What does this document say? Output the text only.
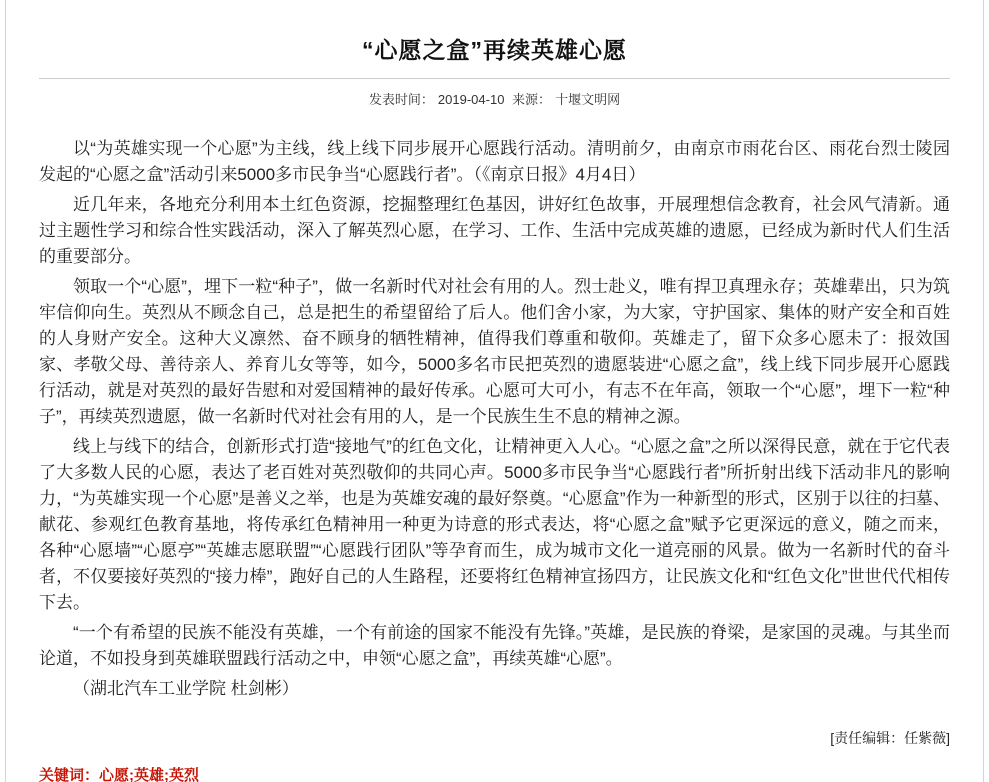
“心愿之盒”再续英雄心愿
发表时间： 2019-04-10 来源： 十堰文明网

以“为英雄实现一个心愿”为主线，线上线下同步展开心愿践行活动。清明前夕，由南京市雨花台区、雨花台烈士陵园发起的“心愿之盒”活动引来5000多市民争当“心愿践行者”。（《南京日报》4月4日）

近几年来，各地充分利用本土红色资源，挖掘整理红色基因，讲好红色故事，开展理想信念教育，社会风气清新。通过主题性学习和综合性实践活动，深入了解英烈心愿，在学习、工作、生活中完成英雄的遗愿，已经成为新时代人们生活的重要部分。

领取一个“心愿”，埋下一粒“种子”，做一名新时代对社会有用的人。烈士赴义，唯有捍卫真理永存；英雄辈出，只为筑牢信仰向生。英烈从不顾念自己，总是把生的希望留给了后人。他们舍小家，为大家，守护国家、集体的财产安全和百姓的人身财产安全。这种大义凛然、奋不顾身的牺牲精神，值得我们尊重和敬仰。英雄走了，留下众多心愿未了：报效国家、孝敬父母、善待亲人、养育儿女等等，如今，5000多名市民把英烈的遗愿装进“心愿之盒”，线上线下同步展开心愿践行活动，就是对英烈的最好告慰和对爱国精神的最好传承。心愿可大可小，有志不在年高，领取一个“心愿”，埋下一粒“种子”，再续英烈遗愿，做一名新时代对社会有用的人，是一个民族生生不息的精神之源。

线上与线下的结合，创新形式打造“接地气”的红色文化，让精神更入人心。“心愿之盒”之所以深得民意，就在于它代表了大多数人民的心愿，表达了老百姓对英烈敬仰的共同心声。5000多市民争当“心愿践行者”所折射出线下活动非凡的影响力，“为英雄实现一个心愿”是善义之举，也是为英雄安魂的最好祭奠。“心愿盒”作为一种新型的形式，区别于以往的扫墓、献花、参观红色教育基地，将传承红色精神用一种更为诗意的形式表达，将“心愿之盒”赋予它更深远的意义，随之而来，各种“心愿墙”“心愿亭”“英雄志愿联盟”“心愿践行团队”等孕育而生，成为城市文化一道亮丽的风景。做为一名新时代的奋斗者，不仅要接好英烈的“接力棒”，跑好自己的人生路程，还要将红色精神宣扬四方，让民族文化和“红色文化”世世代代相传下去。

“一个有希望的民族不能没有英雄，一个有前途的国家不能没有先锋。”英雄，是民族的脊梁，是家国的灵魂。与其坐而论道，不如投身到英雄联盟践行活动之中，申领“心愿之盒”，再续英雄“心愿”。

（湖北汽车工业学院 杜剑彬）

[责任编辑：任紫薇]
关键词：心愿;英雄;英烈
